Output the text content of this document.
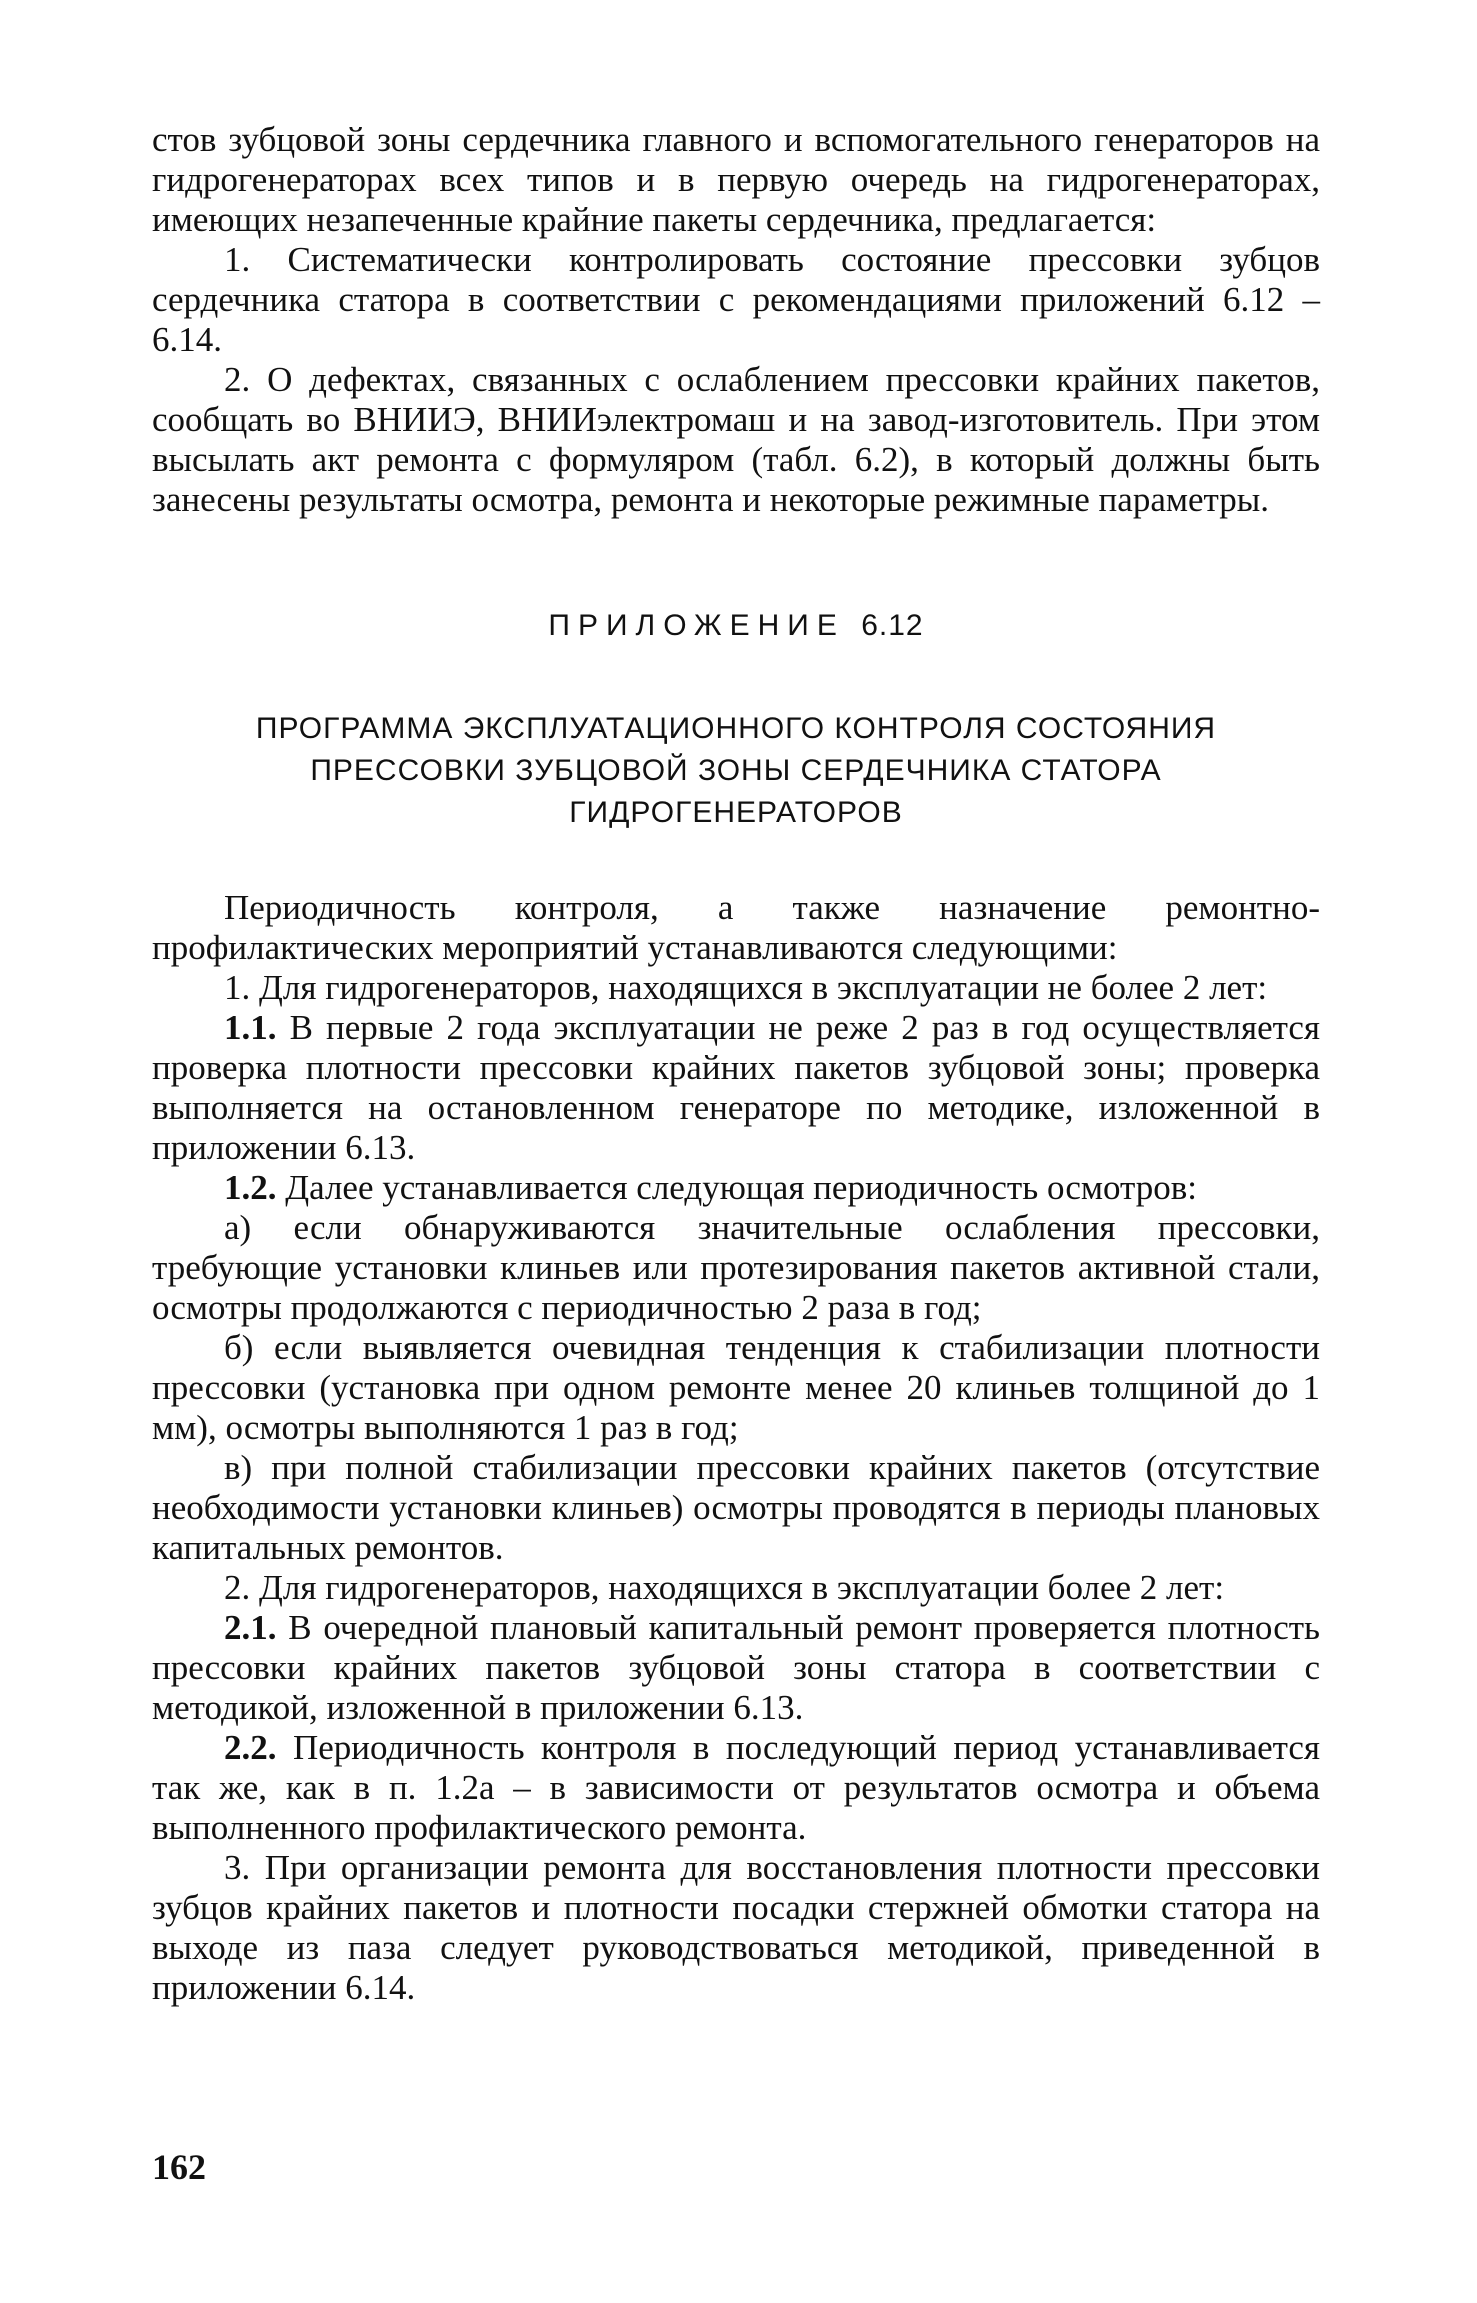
стов зубцовой зоны сердечника главного и вспомогательного генераторов на гидрогенераторах всех типов и в первую очередь на гидрогенераторах, имеющих незапеченные крайние пакеты сердечника, предлагается:

1. Систематически контролировать состояние прессовки зубцов сердечника статора в соответствии с рекомендациями приложений 6.12 – 6.14.

2. О дефектах, связанных с ослаблением прессовки крайних пакетов, сообщать во ВНИИЭ, ВНИИэлектромаш и на завод-изготовитель. При этом высылать акт ремонта с формуляром (табл. 6.2), в который должны быть занесены результаты осмотра, ремонта и некоторые режимные параметры.

ПРИЛОЖЕНИЕ 6.12

ПРОГРАММА ЭКСПЛУАТАЦИОННОГО КОНТРОЛЯ СОСТОЯНИЯ
ПРЕССОВКИ ЗУБЦОВОЙ ЗОНЫ СЕРДЕЧНИКА СТАТОРА
ГИДРОГЕНЕРАТОРОВ

Периодичность контроля, а также назначение ремонтно-профилактических мероприятий устанавливаются следующими:

1. Для гидрогенераторов, находящихся в эксплуатации не более 2 лет:

1.1. В первые 2 года эксплуатации не реже 2 раз в год осуществляется проверка плотности прессовки крайних пакетов зубцовой зоны; проверка выполняется на остановленном генераторе по методике, изложенной в приложении 6.13.

1.2. Далее устанавливается следующая периодичность осмотров:

а) если обнаруживаются значительные ослабления прессовки, требующие установки клиньев или протезирования пакетов активной стали, осмотры продолжаются с периодичностью 2 раза в год;

б) если выявляется очевидная тенденция к стабилизации плотности прессовки (установка при одном ремонте менее 20 клиньев толщиной до 1 мм), осмотры выполняются 1 раз в год;

в) при полной стабилизации прессовки крайних пакетов (отсутствие необходимости установки клиньев) осмотры проводятся в периоды плановых капитальных ремонтов.

2. Для гидрогенераторов, находящихся в эксплуатации более 2 лет:

2.1. В очередной плановый капитальный ремонт проверяется плотность прессовки крайних пакетов зубцовой зоны статора в соответствии с методикой, изложенной в приложении 6.13.

2.2. Периодичность контроля в последующий период устанавливается так же, как в п. 1.2а – в зависимости от результатов осмотра и объема выполненного профилактического ремонта.

3. При организации ремонта для восстановления плотности прессовки зубцов крайних пакетов и плотности посадки стержней обмотки статора на выходе из паза следует руководствоваться методикой, приведенной в приложении 6.14.

162
